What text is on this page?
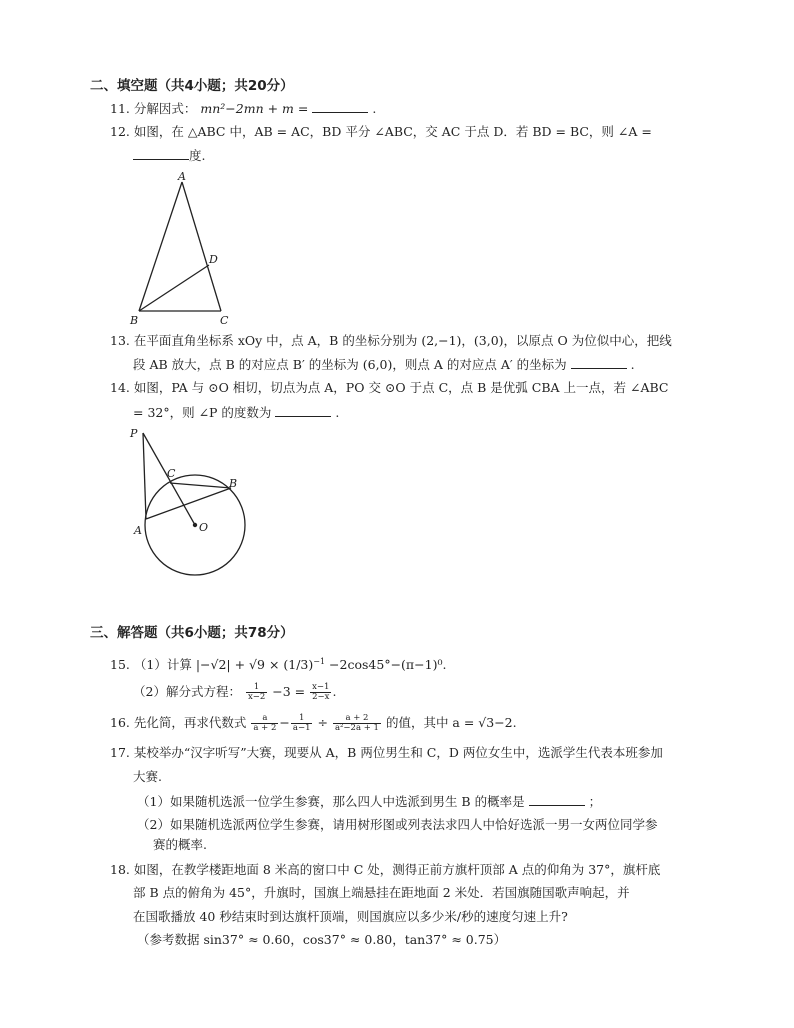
二、填空题（共4小题；共20分）
11. 分解因式： mn²−2mn + m =	.
12. 如图，在 △ABC 中，AB = AC，BD 平分 ∠ABC，交 AC 于点 D．若 BD = BC，则 ∠A =
度.
A
B	C
D
13. 在平面直角坐标系 xOy 中，点 A，B 的坐标分别为 (2,−1)，(3,0)，以原点 O 为位似中心，把线
段 AB 放大，点 B 的对应点 B′ 的坐标为 (6,0)，则点 A 的对应点 A′ 的坐标为	.
14. 如图，PA 与 ⊙O 相切，切点为点 A，PO 交 ⊙O 于点 C，点 B 是优弧 CBA 上一点，若 ∠ABC
= 32°，则 ∠P 的度数为	.
P
C
B
A	O
三、解答题（共6小题；共78分）
15. （1）计算 $|-√2| + √9 \times (1/3)^{-1} -2\cos 45^\circ-(\pi-1)^0$.
（2）解分式方程： $\frac{1}{x-2} -3 = \frac{x-1}{2-x}$ .
16. 先化简，再求代数式 $\frac{a}{a + 2} - \frac{1}{a-1} \div \frac{a + 2}{\text{a²−2a + 1}}$ 的值，其中 a = √3−2.
17. 某校举办“汉字听写”大赛，现要从 A，B 两位男生和 C，D 两位女生中，选派学生代表本班参加
大赛.
（1）如果随机选派一位学生参赛，那么四人中选派到男生 B 的概率是	；
（2）如果随机选派两位学生参赛，请用树形图或列表法求四人中恰好选派一男一女两位同学参
赛的概率.
18. 如图，在教学楼距地面 8 米高的窗口中 C 处，测得正前方旗杆顶部 A 点的仰角为 37°，旗杆底
部 B 点的俯角为 45°，升旗时，国旗上端悬挂在距地面 2 米处．若国旗随国歌声响起，并
在国歌播放 40 秒结束时到达旗杆顶端，则国旗应以多少米/秒的速度匀速上升?
（参考数据 sin37° ≈ 0.60，cos37° ≈ 0.80，tan37° ≈ 0.75）
